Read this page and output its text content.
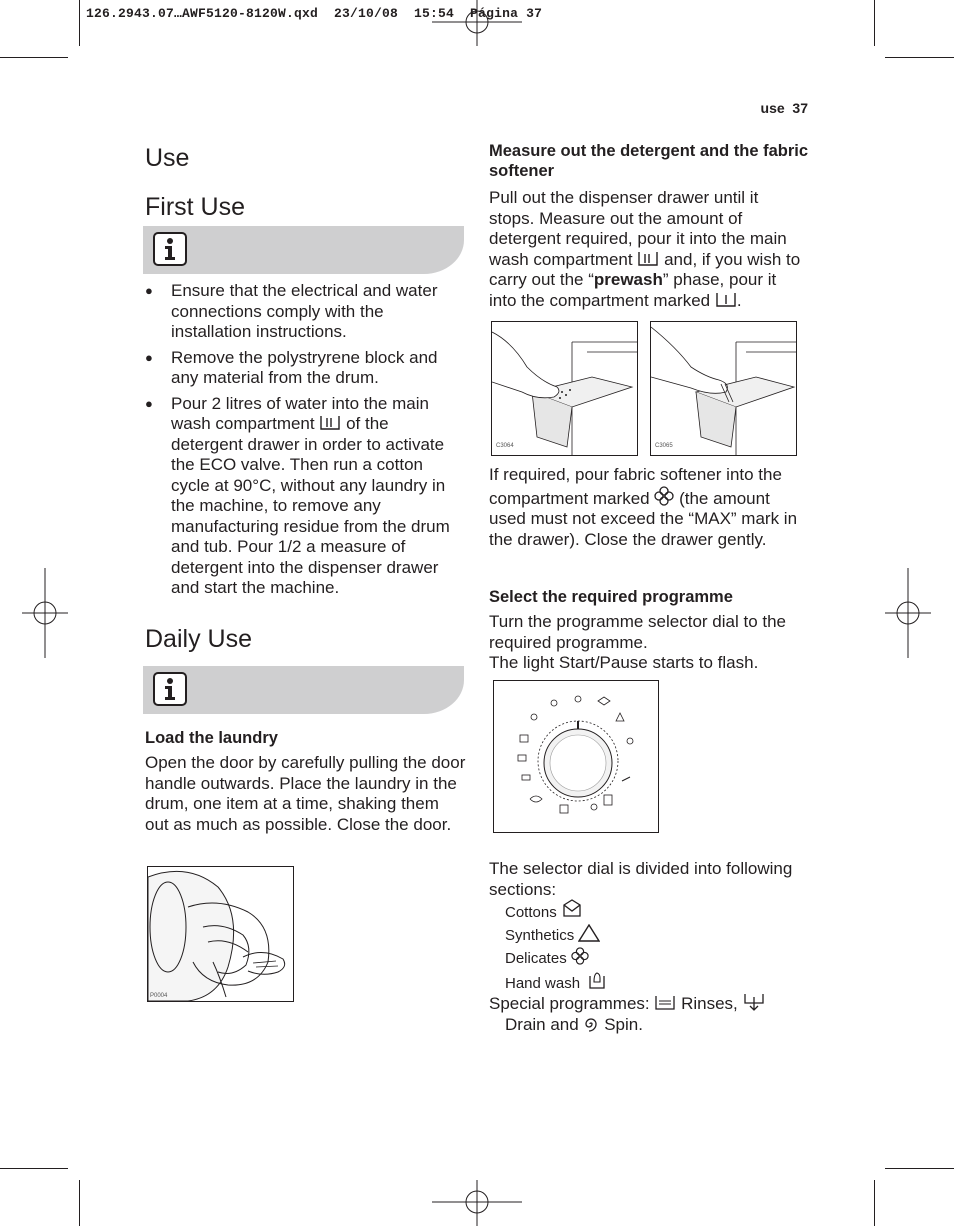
126.2943.07…AWF5120-8120W.qxd  23/10/08  15:54  Página 37
use  37
Use
First Use
● Ensure that the electrical and water connections comply with the installation instructions.
● Remove the polystryrene block and any material from the drum.
● Pour 2 litres of water into the main wash compartment of the detergent drawer in order to activate the ECO valve. Then run a cotton cycle at 90°C, without any laundry in the machine, to remove any manufacturing residue from the drum and tub. Pour 1/2 a measure of detergent into the dispenser drawer and start the machine.
Daily Use
Load the laundry
Open the door by carefully pulling the door handle outwards. Place the laundry in the drum, one item at a time, shaking them out as much as possible. Close the door.
P0004
Measure out the detergent and the fabric softener
Pull out the dispenser drawer until it stops. Measure out the amount of detergent required, pour it into the main wash compartment and, if you wish to carry out the “prewash” phase, pour it into the compartment marked .
C3064	C3065
If required, pour fabric softener into the compartment marked (the amount used must not exceed the “MAX” mark in the drawer). Close the drawer gently.
Select the required programme
Turn the programme selector dial to the required programme.
The light Start/Pause starts to flash.
The selector dial is divided into following sections:
Cottons
Synthetics
Delicates
Hand wash
Special programmes: Rinses,
Drain and Spin.
